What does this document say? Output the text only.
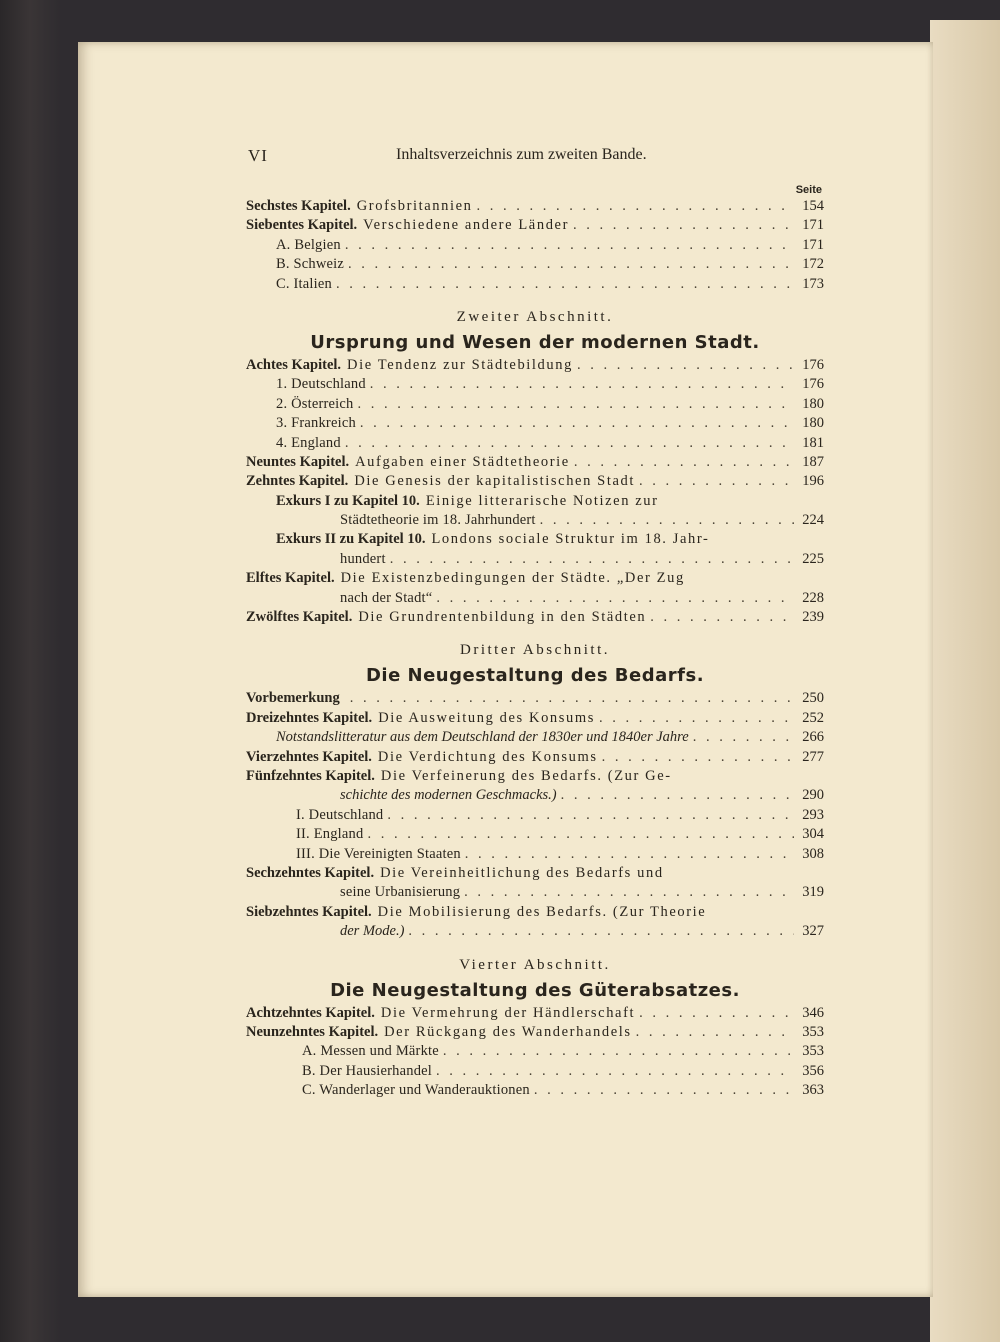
VI	Inhaltsverzeichnis zum zweiten Bande.
Seite
Sechstes Kapitel. Grofsbritannien . . .	154
Siebentes Kapitel. Verschiedene andere Länder . . .	171
A. Belgien . . .	171
B. Schweiz . . .	172
C. Italien . . .	173
Zweiter Abschnitt.
Ursprung und Wesen der modernen Stadt.
Achtes Kapitel. Die Tendenz zur Städtebildung . . .	176
1. Deutschland . . .	176
2. Österreich . . .	180
3. Frankreich . . .	180
4. England . . .	181
Neuntes Kapitel. Aufgaben einer Städtetheorie . . .	187
Zehntes Kapitel. Die Genesis der kapitalistischen Stadt . . .	196
Exkurs I zu Kapitel 10. Einige litterarische Notizen zur
Städtetheorie im 18. Jahrhundert . . .	224
Exkurs II zu Kapitel 10. Londons sociale Struktur im 18. Jahr-
hundert . . .	225
Elftes Kapitel. Die Existenzbedingungen der Städte. „Der Zug
nach der Stadt“ . . .	228
Zwölftes Kapitel. Die Grundrentenbildung in den Städten . . .	239
Dritter Abschnitt.
Die Neugestaltung des Bedarfs.
Vorbemerkung . . .	250
Dreizehntes Kapitel. Die Ausweitung des Konsums . . .	252
Notstandslitteratur aus dem Deutschland der 1830er und 1840er Jahre . . .	266
Vierzehntes Kapitel. Die Verdichtung des Konsums . . .	277
Fünfzehntes Kapitel. Die Verfeinerung des Bedarfs. (Zur Ge-
schichte des modernen Geschmacks.) . . .	290
I. Deutschland . . .	293
II. England . . .	304
III. Die Vereinigten Staaten . . .	308
Sechzehntes Kapitel. Die Vereinheitlichung des Bedarfs und
seine Urbanisierung . . .	319
Siebzehntes Kapitel. Die Mobilisierung des Bedarfs. (Zur Theorie
der Mode.) . . .	327
Vierter Abschnitt.
Die Neugestaltung des Güterabsatzes.
Achtzehntes Kapitel. Die Vermehrung der Händlerschaft . . .	346
Neunzehntes Kapitel. Der Rückgang des Wanderhandels . . .	353
A. Messen und Märkte . . .	353
B. Der Hausierhandel . . .	356
C. Wanderlager und Wanderauktionen . . .	363
